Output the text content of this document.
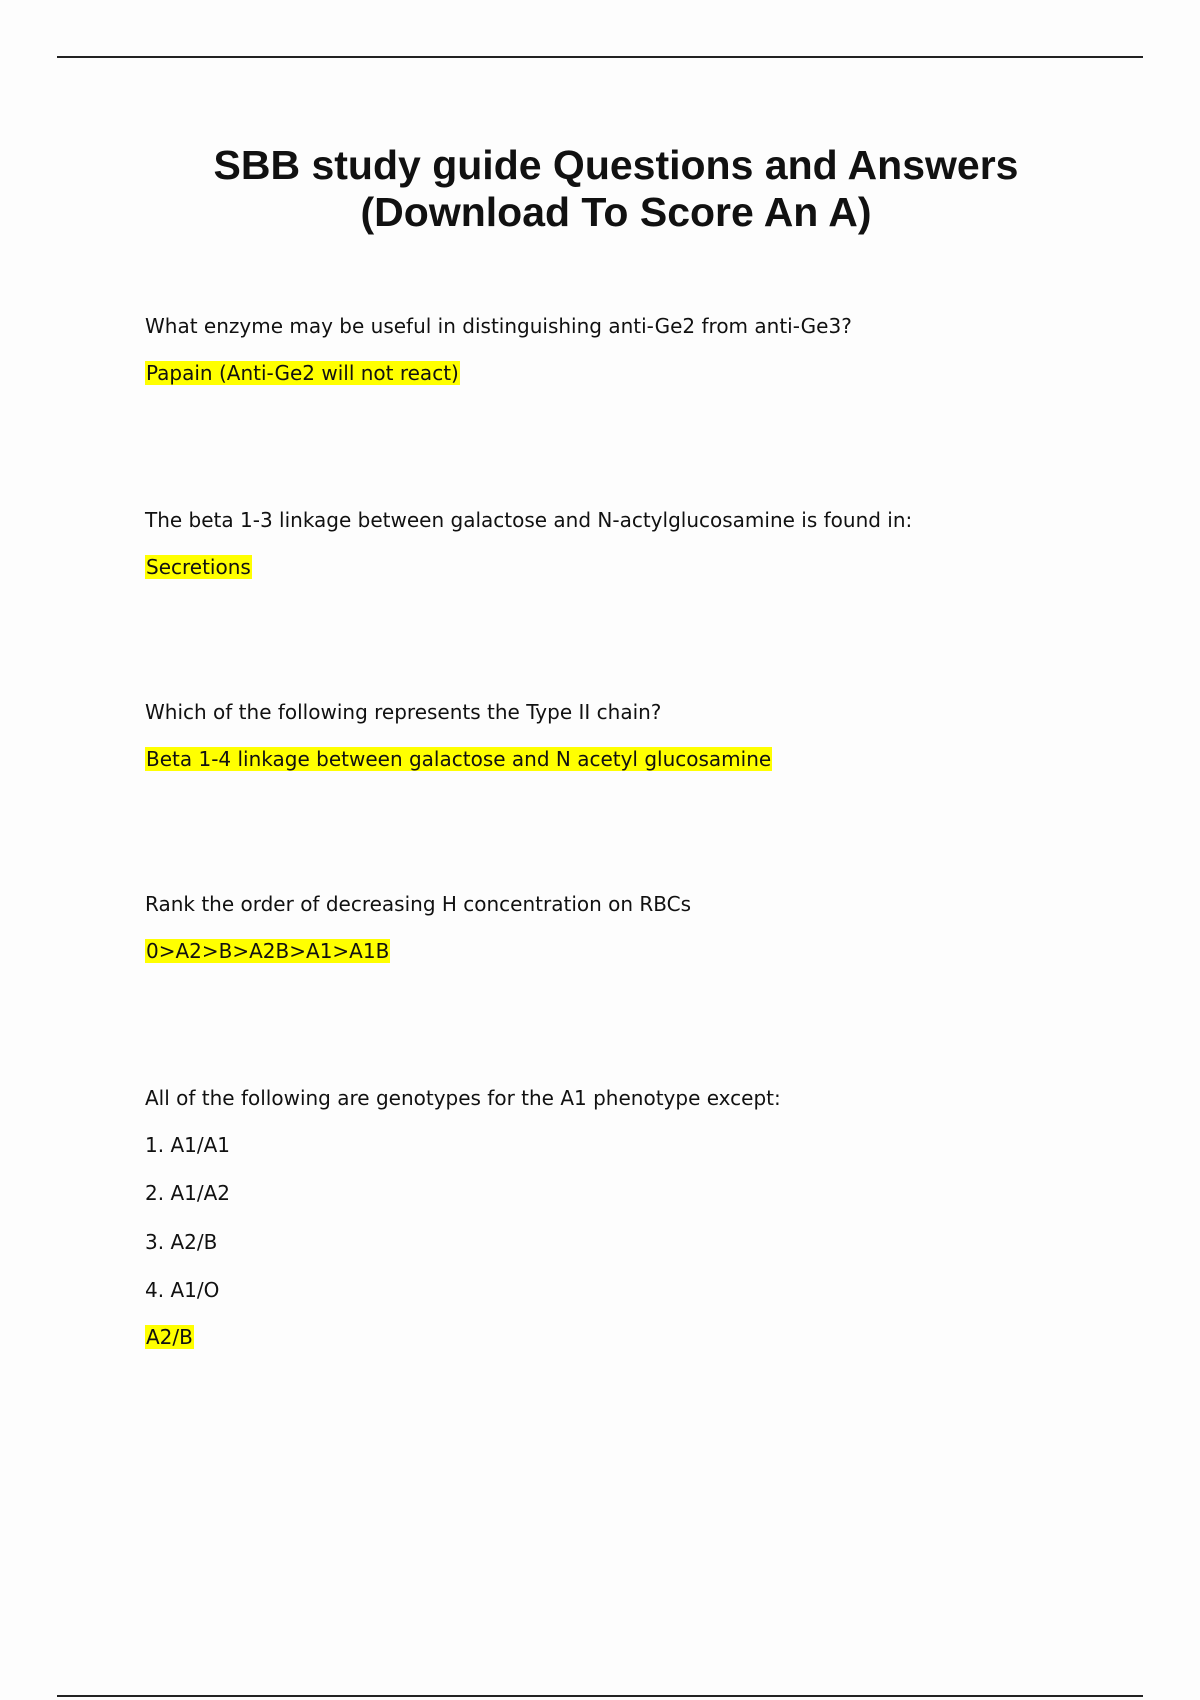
SBB study guide Questions and Answers
(Download To Score An A)
What enzyme may be useful in distinguishing anti-Ge2 from anti-Ge3?
Papain (Anti-Ge2 will not react)
The beta 1-3 linkage between galactose and N-actylglucosamine is found in:
Secretions
Which of the following represents the Type II chain?
Beta 1-4 linkage between galactose and N acetyl glucosamine
Rank the order of decreasing H concentration on RBCs
0>A2>B>A2B>A1>A1B
All of the following are genotypes for the A1 phenotype except:
1. A1/A1
2. A1/A2
3. A2/B
4. A1/O
A2/B
